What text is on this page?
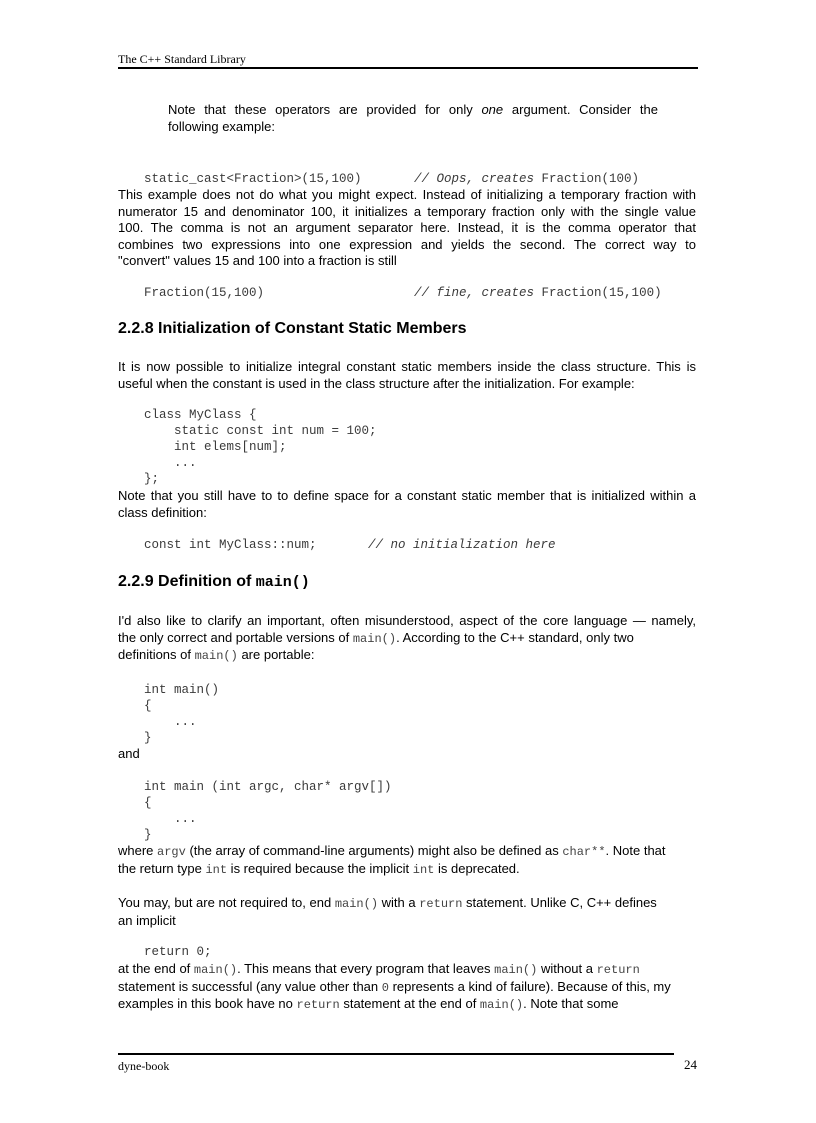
The C++ Standard Library
Note that these operators are provided for only one argument. Consider the
following example:
static_cast<Fraction>(15,100)	// Oops, creates Fraction(100)
This example does not do what you might expect. Instead of initializing a temporary fraction with
numerator 15 and denominator 100, it initializes a temporary fraction only with the single value
100. The comma is not an argument separator here. Instead, it is the comma operator that
combines two expressions into one expression and yields the second. The correct way to
"convert" values 15 and 100 into a fraction is still
Fraction(15,100)	// fine, creates Fraction(15,100)
2.2.8 Initialization of Constant Static Members
It is now possible to initialize integral constant static members inside the class structure. This is
useful when the constant is used in the class structure after the initialization. For example:
class MyClass {
static const int num = 100;
int elems[num];
...
};
Note that you still have to to define space for a constant static member that is initialized within a
class definition:
const int MyClass::num;	// no initialization here
2.2.9 Definition of main()
I'd also like to clarify an important, often misunderstood, aspect of the core language — namely,
the only correct and portable versions of main(). According to the C++ standard, only two
definitions of main() are portable:
int main()
{
...
}
and
int main (int argc, char* argv[])
{
...
}
where argv (the array of command-line arguments) might also be defined as char**. Note that
the return type int is required because the implicit int is deprecated.
You may, but are not required to, end main() with a return statement. Unlike C, C++ defines
an implicit
return 0;
at the end of main(). This means that every program that leaves main() without a return
statement is successful (any value other than 0 represents a kind of failure). Because of this, my
examples in this book have no return statement at the end of main(). Note that some
dyne-book	24
